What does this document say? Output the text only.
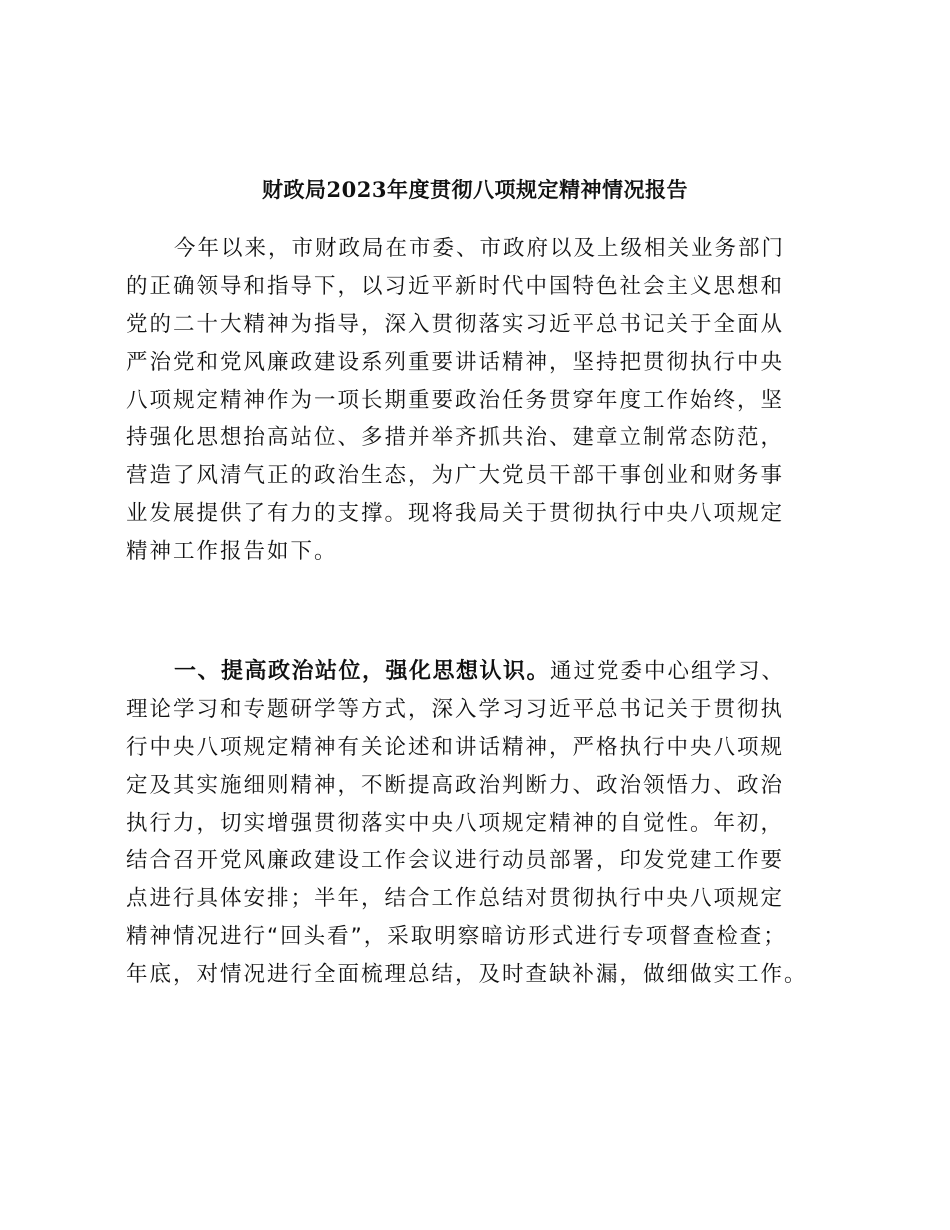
财政局2023年度贯彻八项规定精神情况报告
今年以来，市财政局在市委、市政府以及上级相关业务部门
的正确领导和指导下，以习近平新时代中国特色社会主义思想和
党的二十大精神为指导，深入贯彻落实习近平总书记关于全面从
严治党和党风廉政建设系列重要讲话精神，坚持把贯彻执行中央
八项规定精神作为一项长期重要政治任务贯穿年度工作始终，坚
持强化思想抬高站位、多措并举齐抓共治、建章立制常态防范，
营造了风清气正的政治生态，为广大党员干部干事创业和财务事
业发展提供了有力的支撑。现将我局关于贯彻执行中央八项规定
精神工作报告如下。
一、提高政治站位，强化思想认识。通过党委中心组学习、
理论学习和专题研学等方式，深入学习习近平总书记关于贯彻执
行中央八项规定精神有关论述和讲话精神，严格执行中央八项规
定及其实施细则精神，不断提高政治判断力、政治领悟力、政治
执行力，切实增强贯彻落实中央八项规定精神的自觉性。年初，
结合召开党风廉政建设工作会议进行动员部署，印发党建工作要
点进行具体安排；半年，结合工作总结对贯彻执行中央八项规定
精神情况进行“回头看”，采取明察暗访形式进行专项督查检查；
年底，对情况进行全面梳理总结，及时查缺补漏，做细做实工作。
